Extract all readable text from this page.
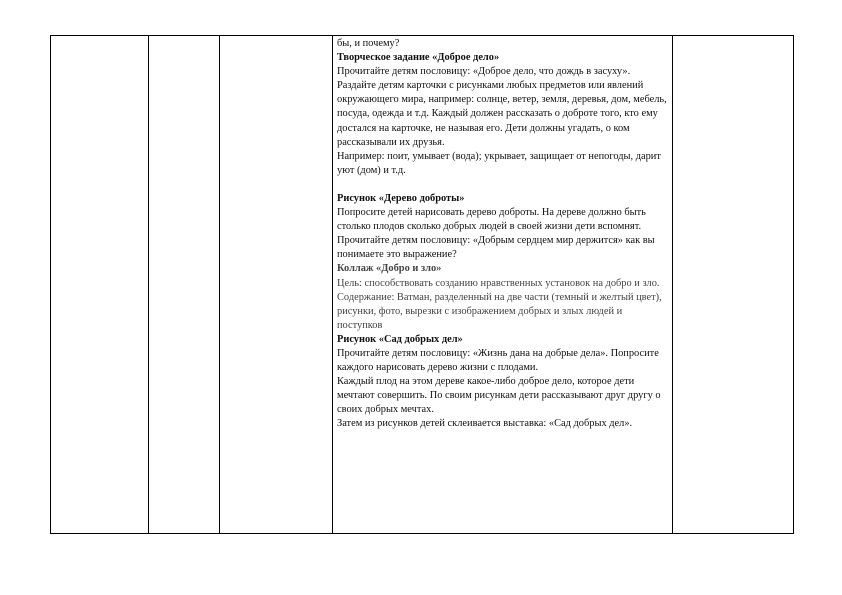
бы, и почему?

Творческое задание «Доброе дело»

Прочитайте детям пословицу: «Доброе дело, что дождь в засуху».

Раздайте детям карточки с рисунками любых предметов или явлений окружающего мира, например: солнце, ветер, земля, деревья, дом, мебель, посуда, одежда и т.д. Каждый должен рассказать о доброте того, кто ему достался на карточке, не называя его. Дети должны угадать, о ком рассказывали их друзья.

Например: поит, умывает (вода); укрывает, защищает от непогоды, дарит уют (дом) и т.д.

Рисунок «Дерево доброты»

Попросите детей нарисовать дерево доброты. На дереве должно быть столько плодов сколько добрых людей в своей жизни дети вспомнят.

Прочитайте детям пословицу: «Добрым сердцем мир держится» как вы понимаете это выражение?

Коллаж «Добро и зло»

Цель: способствовать созданию нравственных установок на добро и зло.

Содержание: Ватман, разделенный на две части (темный и желтый цвет), рисунки, фото, вырезки с изображением добрых и злых людей и поступков

Рисунок «Сад добрых дел»

Прочитайте детям пословицу: «Жизнь дана на добрые дела». Попросите каждого нарисовать дерево жизни с плодами.

Каждый плод на этом дереве какое-либо доброе дело, которое дети мечтают совершить. По своим рисункам дети рассказывают друг другу о своих добрых мечтах.

Затем из рисунков детей склеивается выставка: «Сад добрых дел».
